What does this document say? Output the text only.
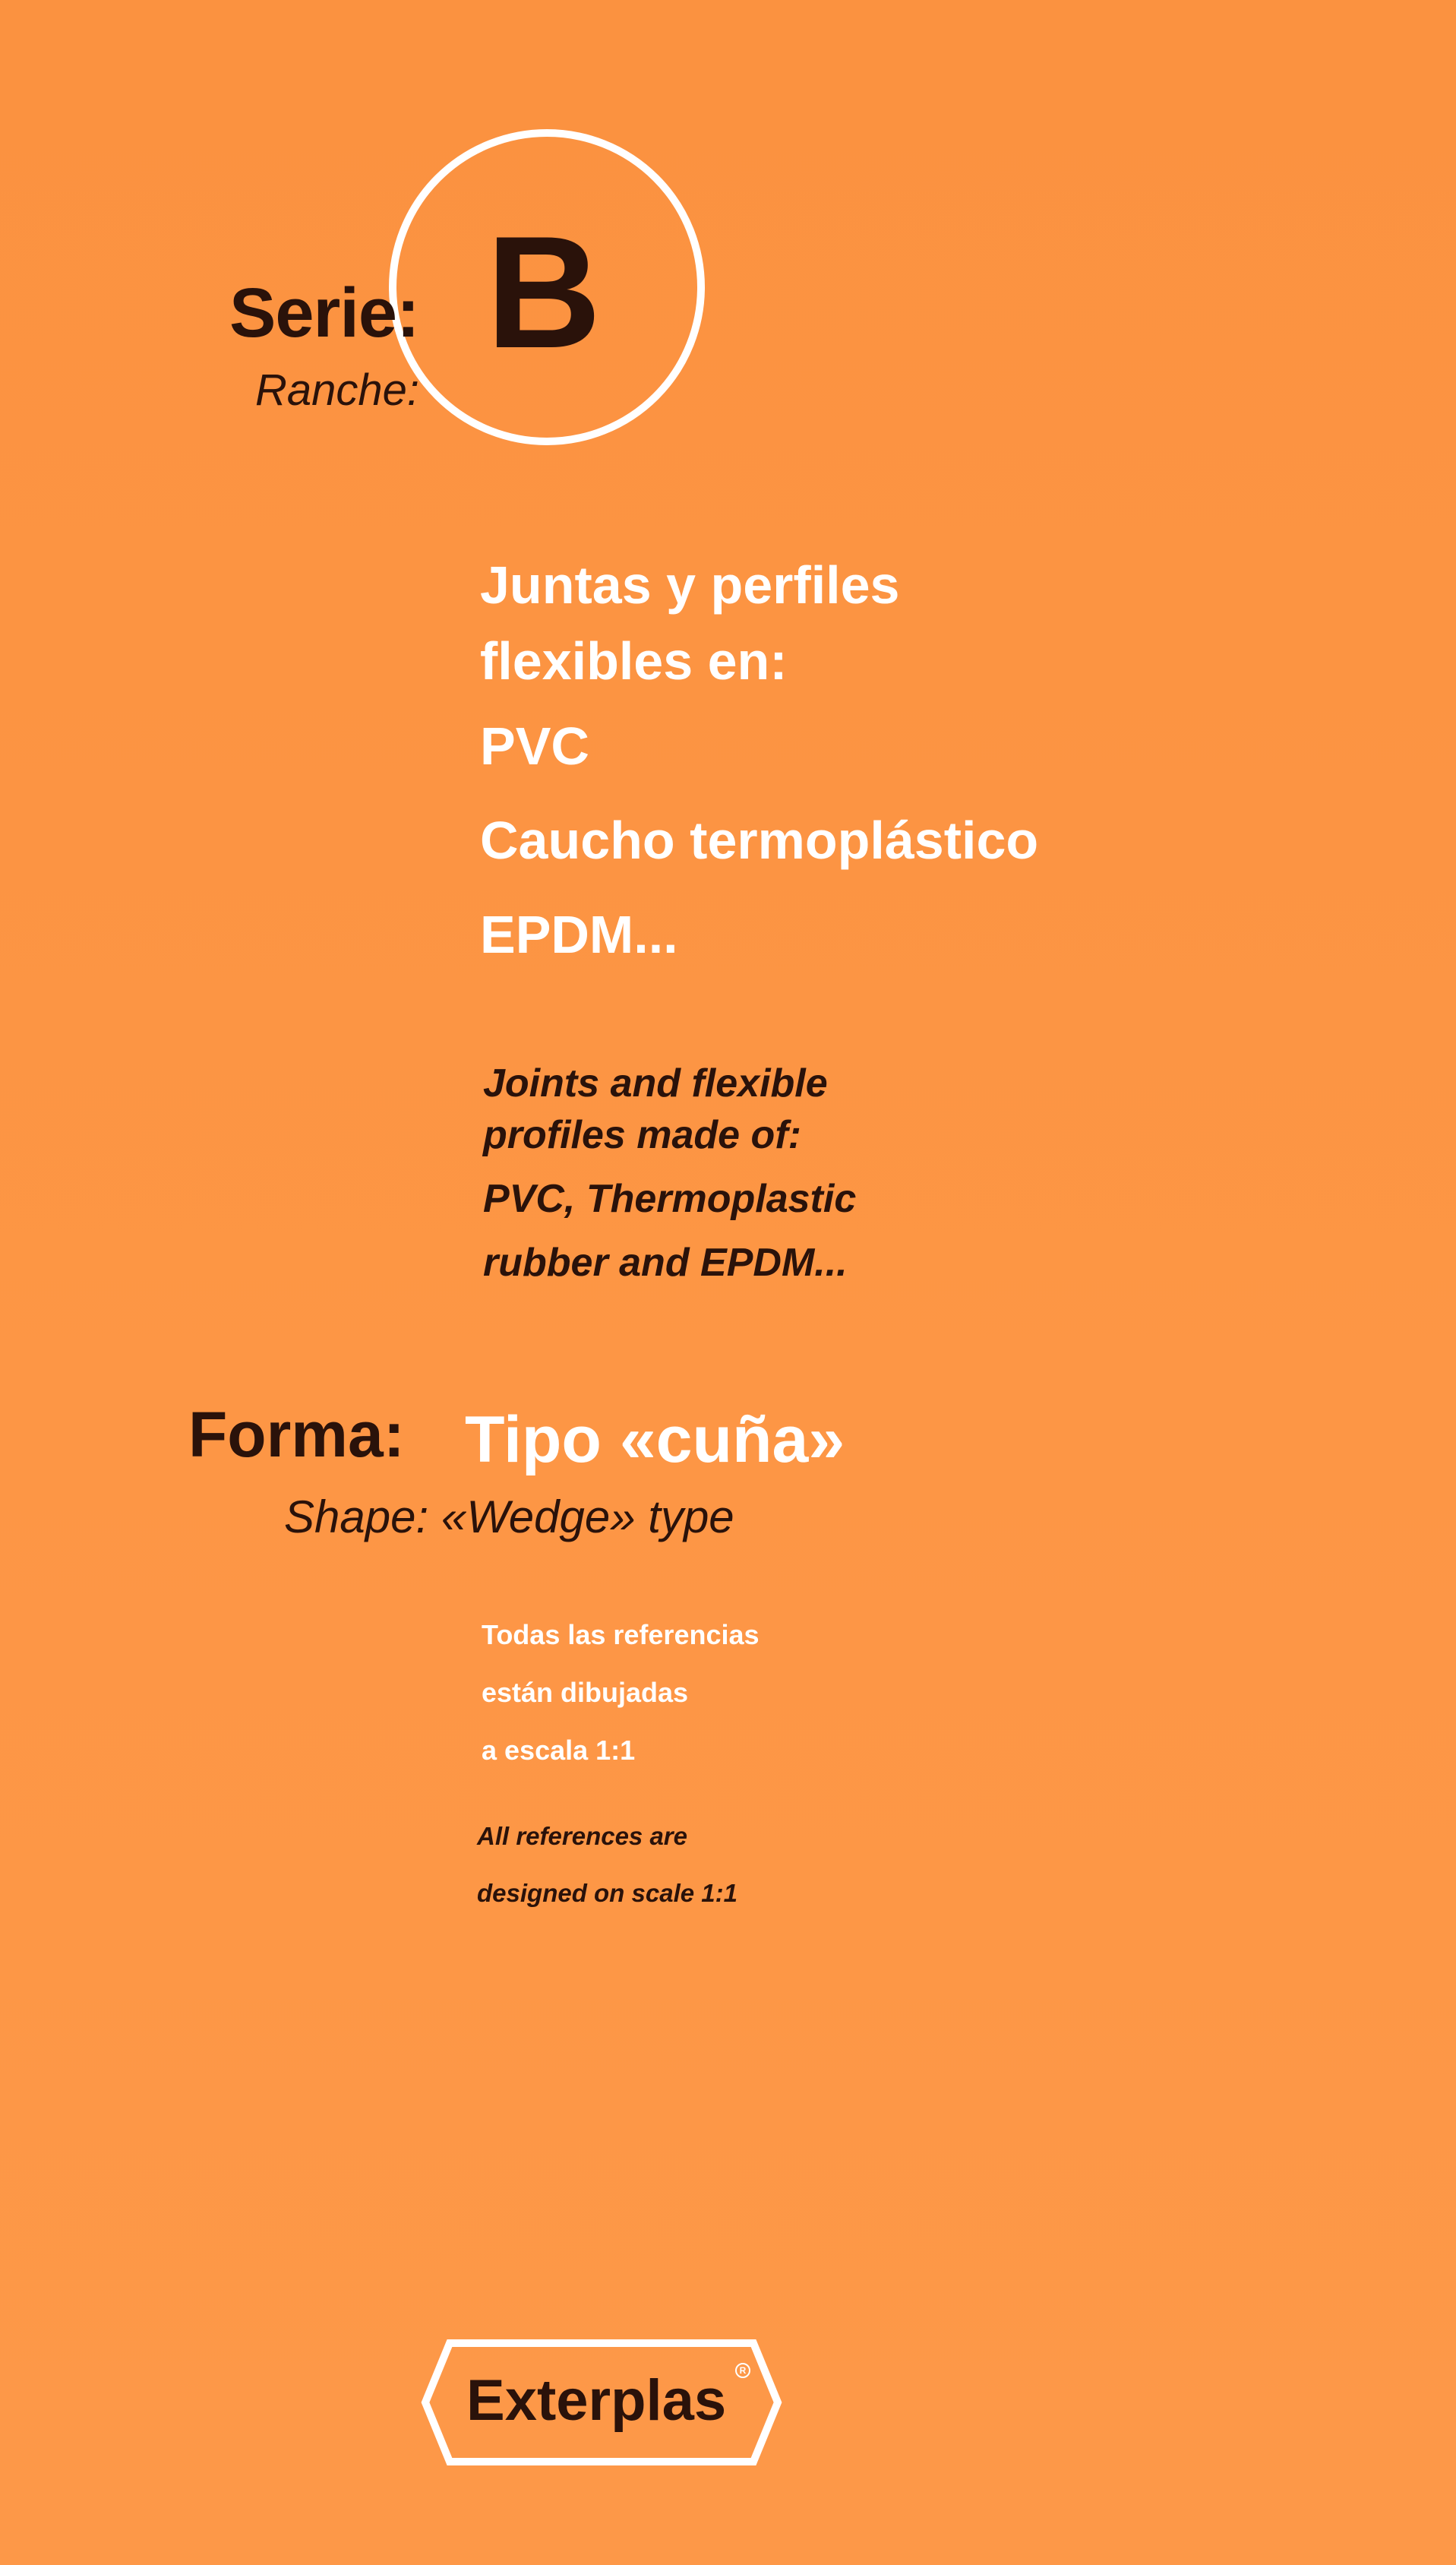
Serie:
Ranche:
B
Juntas y perfiles
flexibles en:
PVC
Caucho termoplástico
EPDM...
Joints and flexible
profiles made of:
PVC, Thermoplastic
rubber and EPDM...
Forma: Tipo «cuña»
Shape: «Wedge» type
Todas las referencias
están dibujadas
a escala 1:1
All references are
designed on scale 1:1
Exterplas	R
